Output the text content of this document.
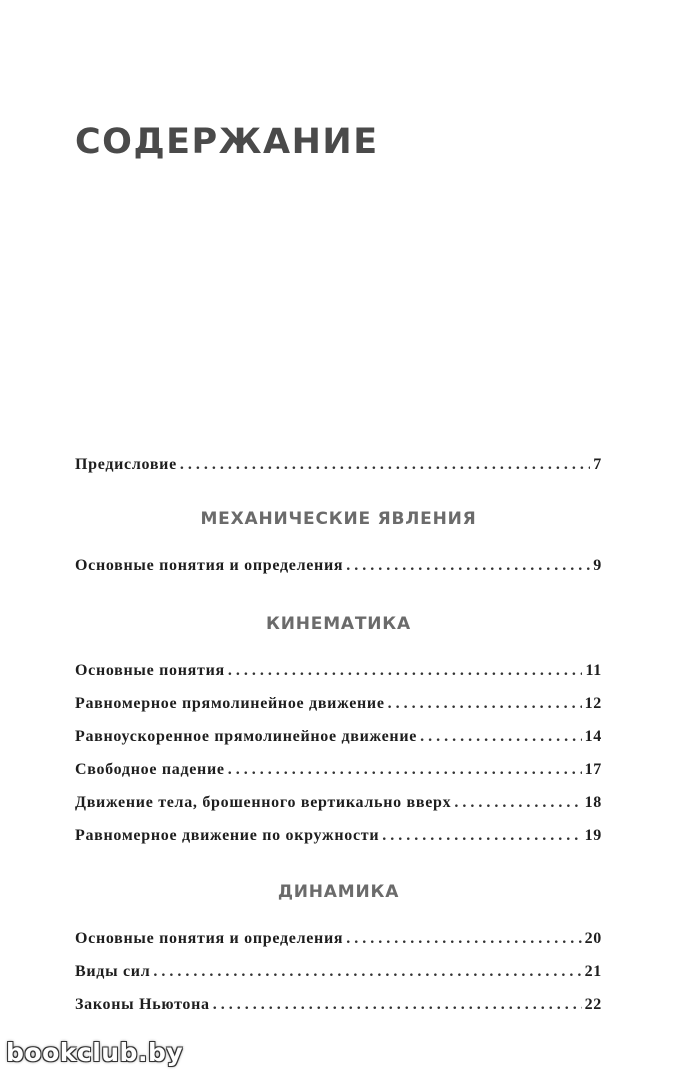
СОДЕРЖАНИЕ
Предисловие . . .	7
МЕХАНИЧЕСКИЕ ЯВЛЕНИЯ
Основные понятия и определения . . .	9
КИНЕМАТИКА
Основные понятия . . .	11
Равномерное прямолинейное движение . . .	12
Равноускоренное прямолинейное движение . . .	14
Свободное падение . . .	17
Движение тела, брошенного вертикально вверх . . .	18
Равномерное движение по окружности . . .	19
ДИНАМИКА
Основные понятия и определения . . .	20
Виды сил . . .	21
Законы Ньютона . . .	22
bookclub.by
